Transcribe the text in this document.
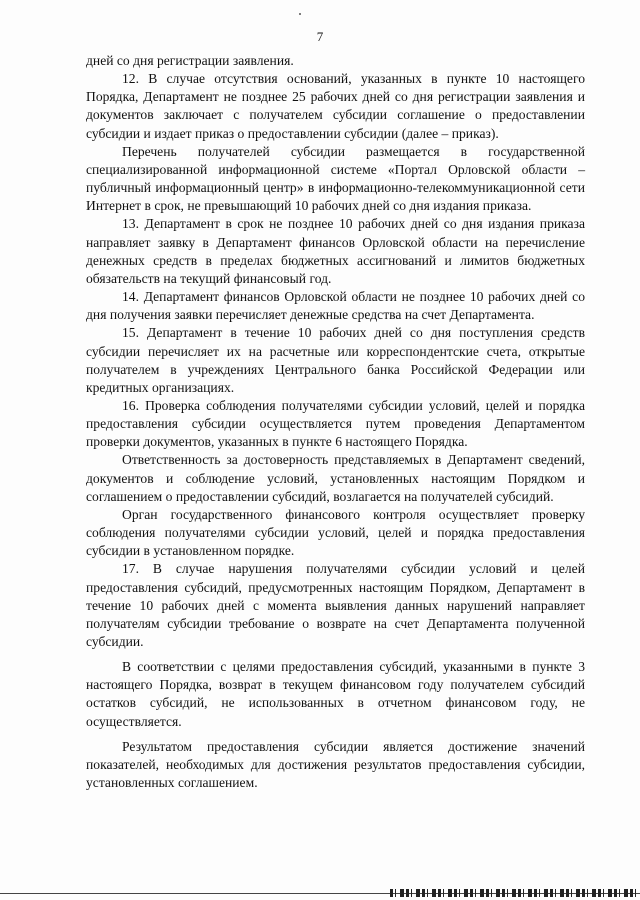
7

дней со дня регистрации заявления.

12. В случае отсутствия оснований, указанных в пункте 10 настоящего Порядка, Департамент не позднее 25 рабочих дней со дня регистрации заявления и документов заключает с получателем субсидии соглашение о предоставлении субсидии и издает приказ о предоставлении субсидии (далее – приказ).

Перечень получателей субсидии размещается в государственной специализированной информационной системе «Портал Орловской области – публичный информационный центр» в информационно-телекоммуникационной сети Интернет в срок, не превышающий 10 рабочих дней со дня издания приказа.

13. Департамент в срок не позднее 10 рабочих дней со дня издания приказа направляет заявку в Департамент финансов Орловской области на перечисление денежных средств в пределах бюджетных ассигнований и лимитов бюджетных обязательств на текущий финансовый год.

14. Департамент финансов Орловской области не позднее 10 рабочих дней со дня получения заявки перечисляет денежные средства на счет Департамента.

15. Департамент в течение 10 рабочих дней со дня поступления средств субсидии перечисляет их на расчетные или корреспондентские счета, открытые получателем в учреждениях Центрального банка Российской Федерации или кредитных организациях.

16. Проверка соблюдения получателями субсидии условий, целей и порядка предоставления субсидии осуществляется путем проведения Департаментом проверки документов, указанных в пункте 6 настоящего Порядка.

Ответственность за достоверность представляемых в Департамент сведений, документов и соблюдение условий, установленных настоящим Порядком и соглашением о предоставлении субсидий, возлагается на получателей субсидий.

Орган государственного финансового контроля осуществляет проверку соблюдения получателями субсидии условий, целей и порядка предоставления субсидии в установленном порядке.

17. В случае нарушения получателями субсидии условий и целей предоставления субсидий, предусмотренных настоящим Порядком, Департамент в течение 10 рабочих дней с момента выявления данных нарушений направляет получателям субсидии требование о возврате на счет Департамента полученной субсидии.

В соответствии с целями предоставления субсидий, указанными в пункте 3 настоящего Порядка, возврат в текущем финансовом году получателем субсидий остатков субсидий, не использованных в отчетном финансовом году, не осуществляется.

Результатом предоставления субсидии является достижение значений показателей, необходимых для достижения результатов предоставления субсидии, установленных соглашением.
